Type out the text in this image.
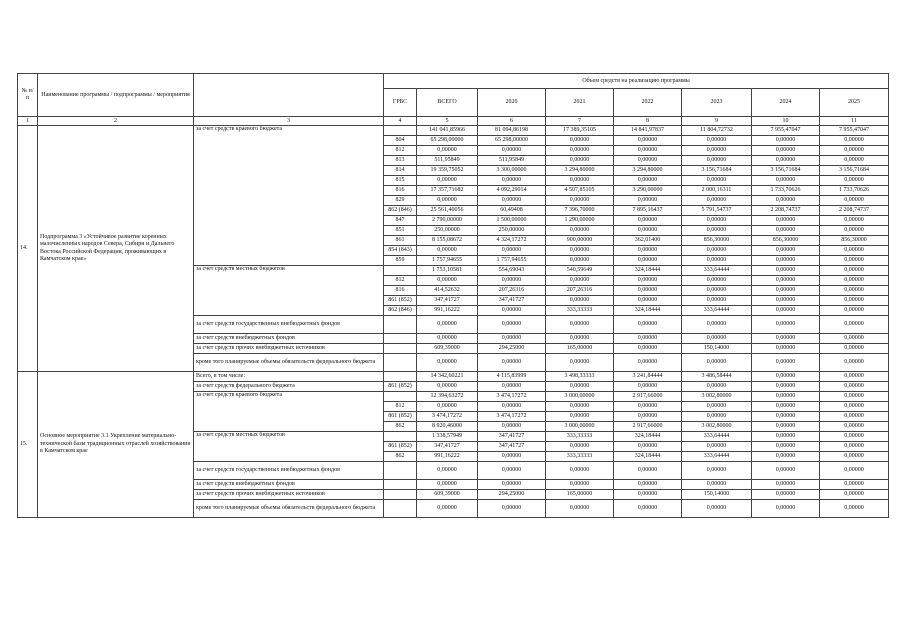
№ п/п	Наименование программы / подпрограммы / мероприятия		Объем средств на реализацию программы							
			ГРБС	ВСЕГО	2020	2021	2022	2023	2024	2025
1	2	3	4	5	6	7	8	9	10	11
14.	Подпрограмма 3 «Устойчивое развитие коренных малочисленных народов Севера, Сибири и Дальнего Востока Российской Федерации, проживающих в Камчатском крае»	за счет средств краевого бюджета		141 041,85966	81 094,86198	17 389,35105	14 841,97837	11 804,72732	7 955,47047	7 955,47047
			804	65 298,00000	65 298,00000	0,00000	0,00000	0,00000	0,00000	0,00000
			812	0,00000	0,00000	0,00000	0,00000	0,00000	0,00000	0,00000
			813	511,95849	511,95849	0,00000	0,00000	0,00000	0,00000	0,00000
			814	19 359,75052	3 300,00000	3 294,80000	3 294,80000	3 156,71684	3 156,71684	3 156,71684
			815	0,00000	0,00000	0,00000	0,00000	0,00000	0,00000	0,00000
			816	17 357,71682	4 092,29014	4 507,85105	3 290,00000	2 000,16311	1 733,70626	1 733,70626
			829	0,00000	0,00000	0,00000	0,00000	0,00000	0,00000	0,00000
			862 (846)	25 561,40056	60,49408	7 396,70000	7 895,16437	5 791,54737	2 208,74737	2 208,74737
			847	2 790,00000	1 500,00000	1 290,00000	0,00000	0,00000	0,00000	0,00000
			851	250,00000	250,00000	0,00000	0,00000	0,00000	0,00000	0,00000
			861	8 155,08672	4 324,17272	900,00000	362,01400	856,30000	856,30000	856,30000
			854 (843)	0,00000	0,00000	0,00000	0,00000	0,00000	0,00000	0,00000
			859	1 757,94655	1 757,94655	0,00000	0,00000	0,00000	0,00000	0,00000
		за счет средств местных бюджетов		1 753,10581	554,69043	540,59649	324,18444	333,64444	0,00000	0,00000
			812	0,00000	0,00000	0,00000	0,00000	0,00000	0,00000	0,00000
			816	414,52632	207,26316	207,26316	0,00000	0,00000	0,00000	0,00000
			861 (852)	347,41727	347,41727	0,00000	0,00000	0,00000	0,00000	0,00000
			862 (846)	991,16222	0,00000	333,33333	324,18444	333,64444	0,00000	0,00000
		за счет средств государственных внебюджетных фондов		0,00000	0,00000	0,00000	0,00000	0,00000	0,00000	0,00000
		за счет средств внебюджетных фондов		0,00000	0,00000	0,00000	0,00000	0,00000	0,00000	0,00000
		за счет средств прочих внебюджетных источников		609,39000	294,25000	165,00000	0,00000	150,14000	0,00000	0,00000
		кроме того планируемые объемы обязательств федерального бюджета		0,00000	0,00000	0,00000	0,00000	0,00000	0,00000	0,00000
15.	Основное мероприятие 3.1 Укрепление материально-технической базы традиционных отраслей хозяйствования в Камчатском крае	Всего, в том числе:		14 342,60221	4 115,83999	3 498,33333	3 241,84444	3 486,58444	0,00000	0,00000
		за счет средств федерального бюджета	861 (852)	0,00000	0,00000	0,00000	0,00000	0,00000	0,00000	0,00000
		за счет средств краевого бюджета		12 394,63272	3 474,17272	3 000,00000	2 917,66000	3 002,80000	0,00000	0,00000
			812	0,00000	0,00000	0,00000	0,00000	0,00000	0,00000	0,00000
			861 (852)	3 474,17272	3 474,17272	0,00000	0,00000	0,00000	0,00000	0,00000
			862	8 920,46000	0,00000	3 000,00000	2 917,66000	3 002,80000	0,00000	0,00000
		за счет средств местных бюджетов		1 338,57949	347,41727	333,33333	324,18444	333,64444	0,00000	0,00000
			861 (852)	347,41727	347,41727	0,00000	0,00000	0,00000	0,00000	0,00000
			862	991,16222	0,00000	333,33333	324,18444	333,64444	0,00000	0,00000
		за счет средств государственных внебюджетных фондов		0,00000	0,00000	0,00000	0,00000	0,00000	0,00000	0,00000
		за счет средств внебюджетных фондов		0,00000	0,00000	0,00000	0,00000	0,00000	0,00000	0,00000
		за счет средств прочих внебюджетных источников		609,39000	294,25000	165,00000	0,00000	150,14000	0,00000	0,00000
		кроме того планируемые объемы обязательств федерального бюджета		0,00000	0,00000	0,00000	0,00000	0,00000	0,00000	0,00000
